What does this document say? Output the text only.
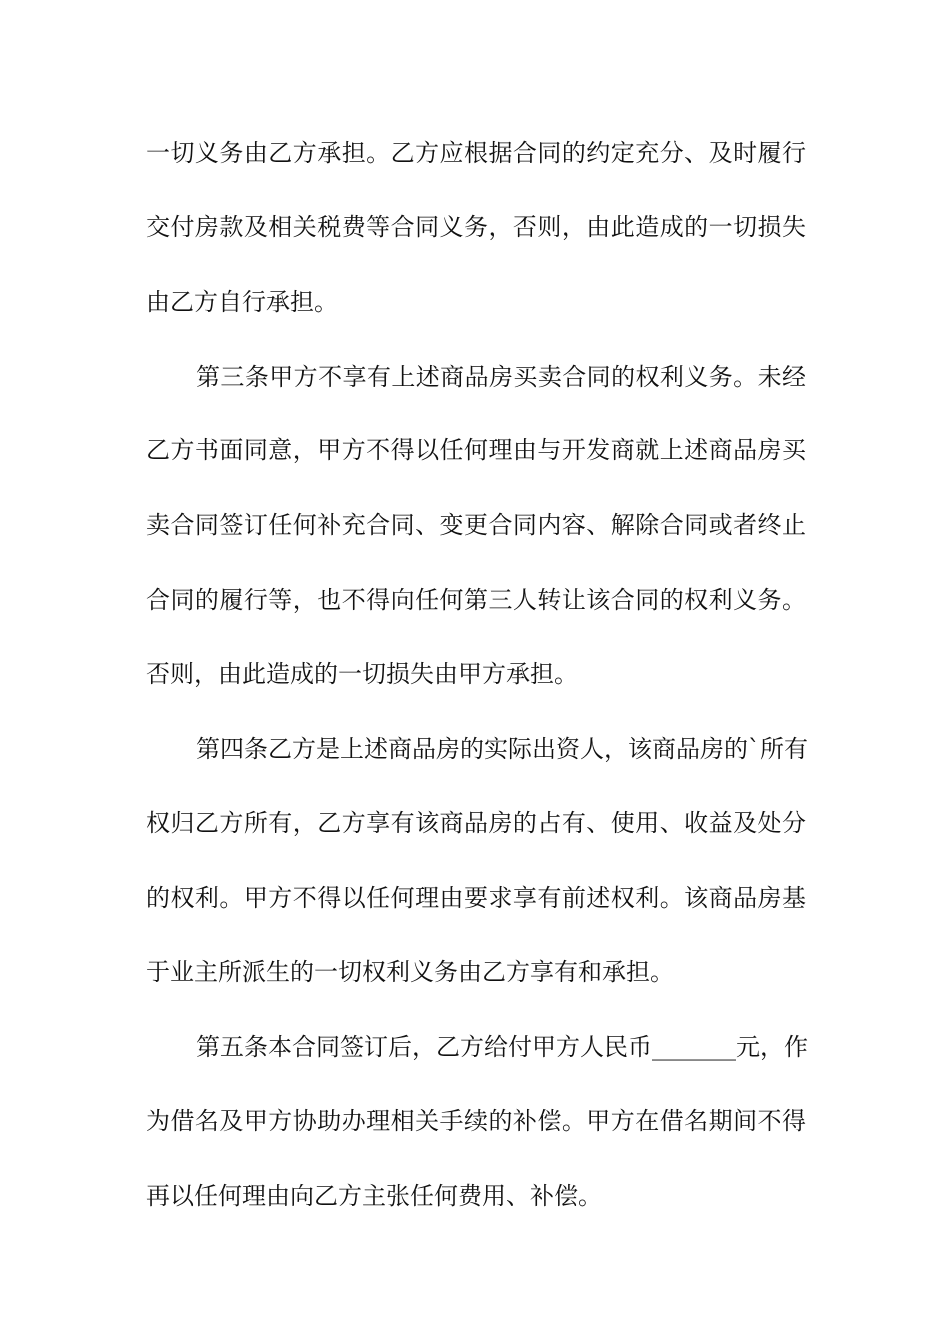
一切义务由乙方承担。乙方应根据合同的约定充分、及时履行
交付房款及相关税费等合同义务，否则，由此造成的一切损失
由乙方自行承担。
第三条甲方不享有上述商品房买卖合同的权利义务。未经
乙方书面同意，甲方不得以任何理由与开发商就上述商品房买
卖合同签订任何补充合同、变更合同内容、解除合同或者终止
合同的履行等，也不得向任何第三人转让该合同的权利义务。
否则，由此造成的一切损失由甲方承担。
第四条乙方是上述商品房的实际出资人，该商品房的`所有
权归乙方所有，乙方享有该商品房的占有、使用、收益及处分
的权利。甲方不得以任何理由要求享有前述权利。该商品房基
于业主所派生的一切权利义务由乙方享有和承担。
第五条本合同签订后，乙方给付甲方人民币_______元，作
为借名及甲方协助办理相关手续的补偿。甲方在借名期间不得
再以任何理由向乙方主张任何费用、补偿。
